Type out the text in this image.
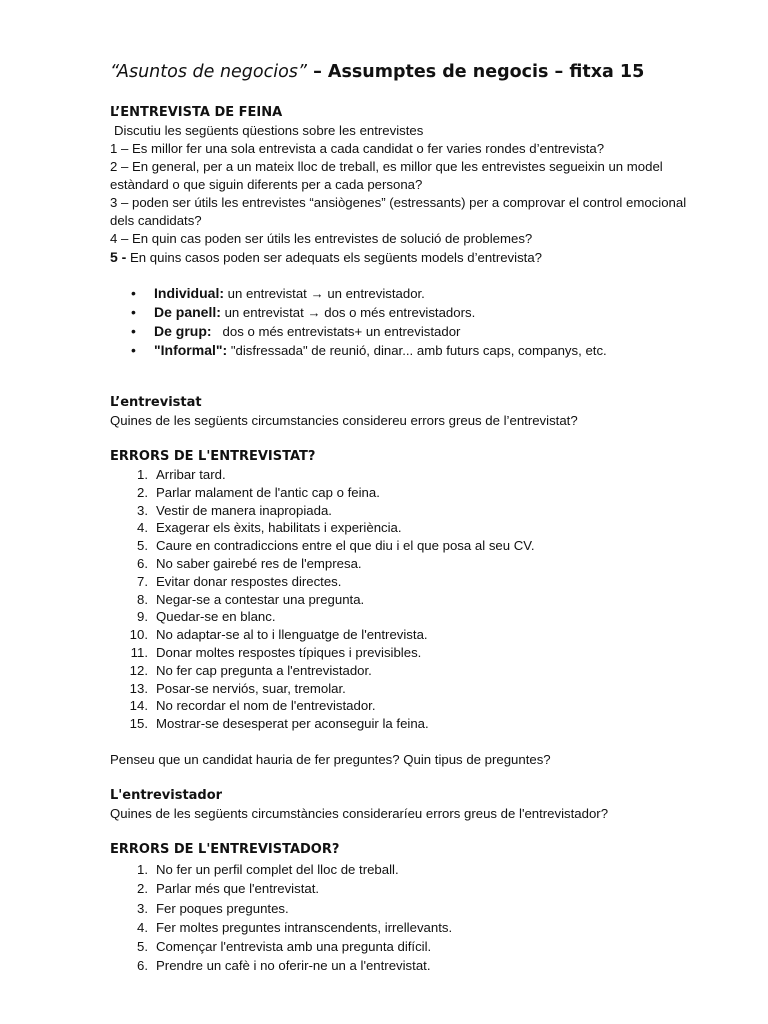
“Asuntos de negocios” – Assumptes de negocis – fitxa 15
L’ENTREVISTA DE FEINA
Discutiu les següents qüestions sobre les entrevistes
1 – Es millor fer una sola entrevista a cada candidat o fer varies rondes d’entrevista?
2 – En general, per a un mateix lloc de treball, es millor que les entrevistes segueixin un model estàndard o que siguin diferents per a cada persona?
3 – poden ser útils les entrevistes “ansiògenes” (estressants) per a comprovar el control emocional dels candidats?
4 – En quin cas poden ser útils les entrevistes de solució de problemes?
5 - En quins casos poden ser adequats els següents models d’entrevista?
• Individual: un entrevistat → un entrevistador.
• De panell: un entrevistat → dos o més entrevistadors.
• De grup:   dos o més entrevistats+ un entrevistador
• "Informal": "disfressada" de reunió, dinar... amb futurs caps, companys, etc.
L’entrevistat
Quines de les següents circumstancies considereu errors greus de l’entrevistat?
ERRORS DE L'ENTREVISTAT?
1. Arribar tard.
2. Parlar malament de l'antic cap o feina.
3. Vestir de manera inapropiada.
4. Exagerar els èxits, habilitats i experiència.
5. Caure en contradiccions entre el que diu i el que posa al seu CV.
6. No saber gairebé res de l'empresa.
7. Evitar donar respostes directes.
8. Negar-se a contestar una pregunta.
9. Quedar-se en blanc.
10. No adaptar-se al to i llenguatge de l'entrevista.
11. Donar moltes respostes típiques i previsibles.
12. No fer cap pregunta a l'entrevistador.
13. Posar-se nerviós, suar, tremolar.
14. No recordar el nom de l'entrevistador.
15. Mostrar-se desesperat per aconseguir la feina.
Penseu que un candidat hauria de fer preguntes? Quin tipus de preguntes?
L'entrevistador
Quines de les següents circumstàncies consideraríeu errors greus de l'entrevistador?
ERRORS DE L'ENTREVISTADOR?
1. No fer un perfil complet del lloc de treball.
2. Parlar més que l'entrevistat.
3. Fer poques preguntes.
4. Fer moltes preguntes intranscendents, irrellevants.
5. Començar l'entrevista amb una pregunta difícil.
6. Prendre un cafè i no oferir-ne un a l'entrevistat.
